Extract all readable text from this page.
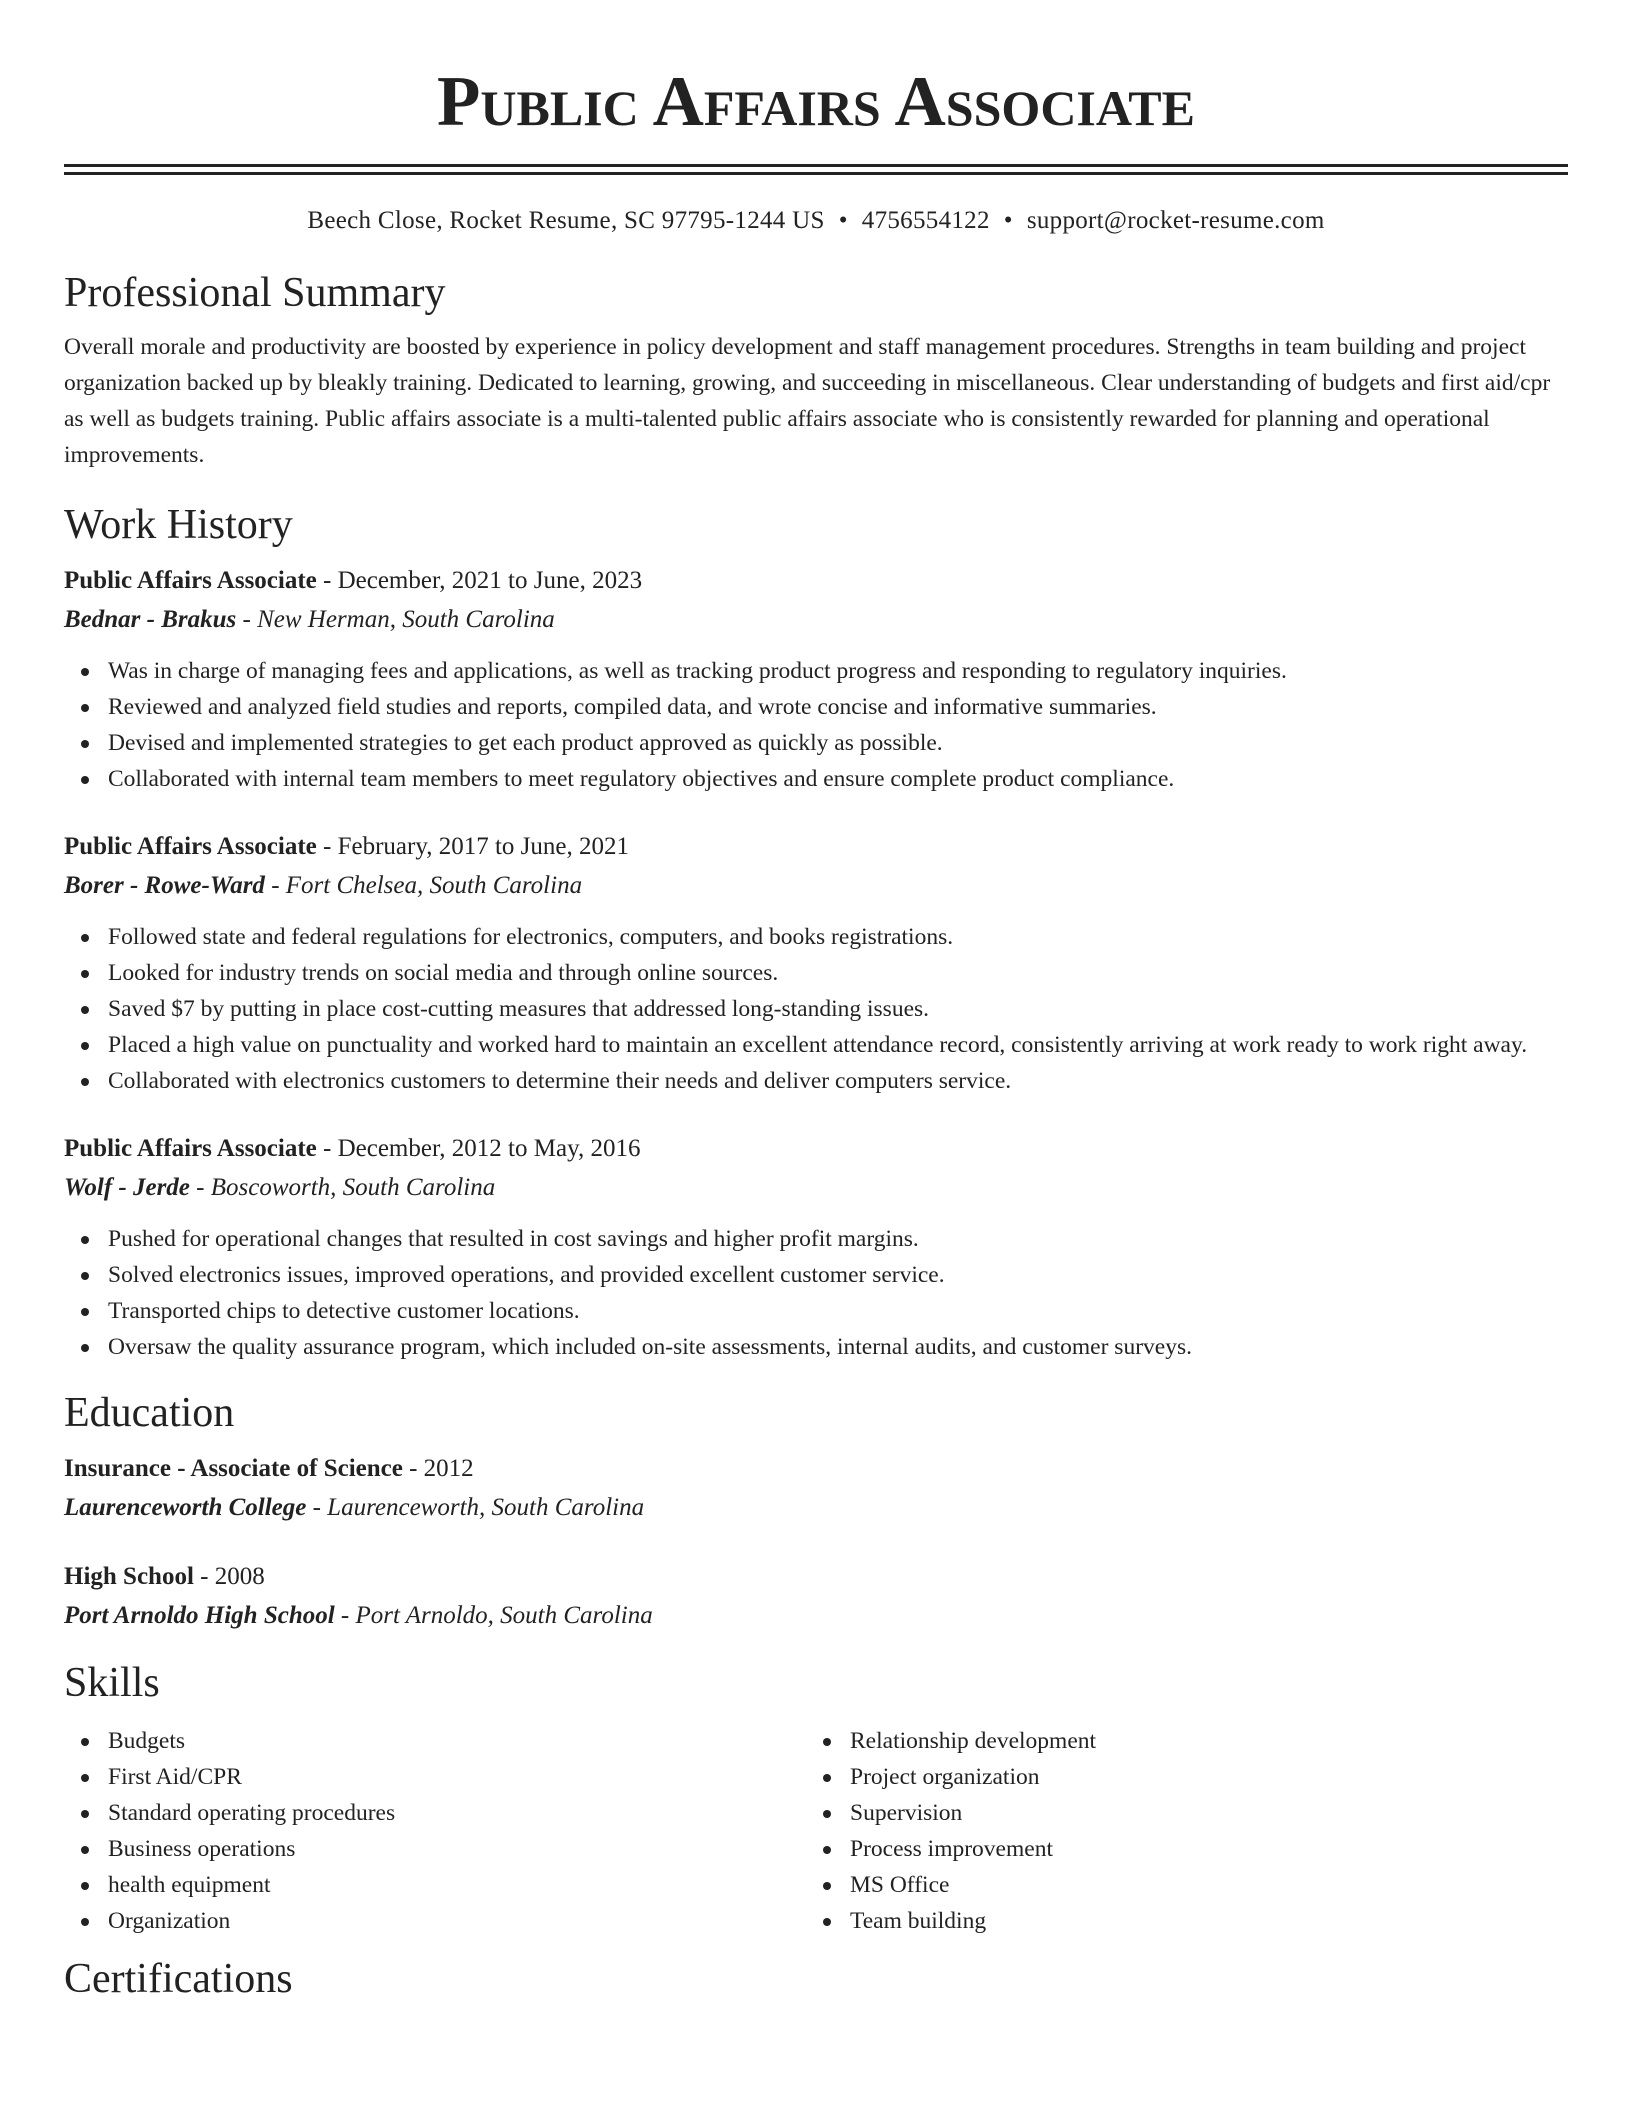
Public Affairs Associate
Beech Close, Rocket Resume, SC 97795-1244 US • 4756554122 • support@rocket-resume.com
Professional Summary

Overall morale and productivity are boosted by experience in policy development and staff management procedures. Strengths in team building and project organization backed up by bleakly training. Dedicated to learning, growing, and succeeding in miscellaneous. Clear understanding of budgets and first aid/cpr as well as budgets training. Public affairs associate is a multi-talented public affairs associate who is consistently rewarded for planning and operational improvements.

Work History
Public Affairs Associate - December, 2021 to June, 2023
Bednar - Brakus - New Herman, South Carolina
Was in charge of managing fees and applications, as well as tracking product progress and responding to regulatory inquiries.
Reviewed and analyzed field studies and reports, compiled data, and wrote concise and informative summaries.
Devised and implemented strategies to get each product approved as quickly as possible.
Collaborated with internal team members to meet regulatory objectives and ensure complete product compliance.
Public Affairs Associate - February, 2017 to June, 2021
Borer - Rowe-Ward - Fort Chelsea, South Carolina
Followed state and federal regulations for electronics, computers, and books registrations.
Looked for industry trends on social media and through online sources.
Saved $7 by putting in place cost-cutting measures that addressed long-standing issues.
Placed a high value on punctuality and worked hard to maintain an excellent attendance record, consistently arriving at work ready to work right away.
Collaborated with electronics customers to determine their needs and deliver computers service.
Public Affairs Associate - December, 2012 to May, 2016
Wolf - Jerde - Boscoworth, South Carolina
Pushed for operational changes that resulted in cost savings and higher profit margins.
Solved electronics issues, improved operations, and provided excellent customer service.
Transported chips to detective customer locations.
Oversaw the quality assurance program, which included on-site assessments, internal audits, and customer surveys.
Education
Insurance - Associate of Science - 2012
Laurenceworth College - Laurenceworth, South Carolina
High School - 2008
Port Arnoldo High School - Port Arnoldo, South Carolina
Skills
Budgets
First Aid/CPR
Standard operating procedures
Business operations
health equipment
Organization
Relationship development
Project organization
Supervision
Process improvement
MS Office
Team building
Certifications
